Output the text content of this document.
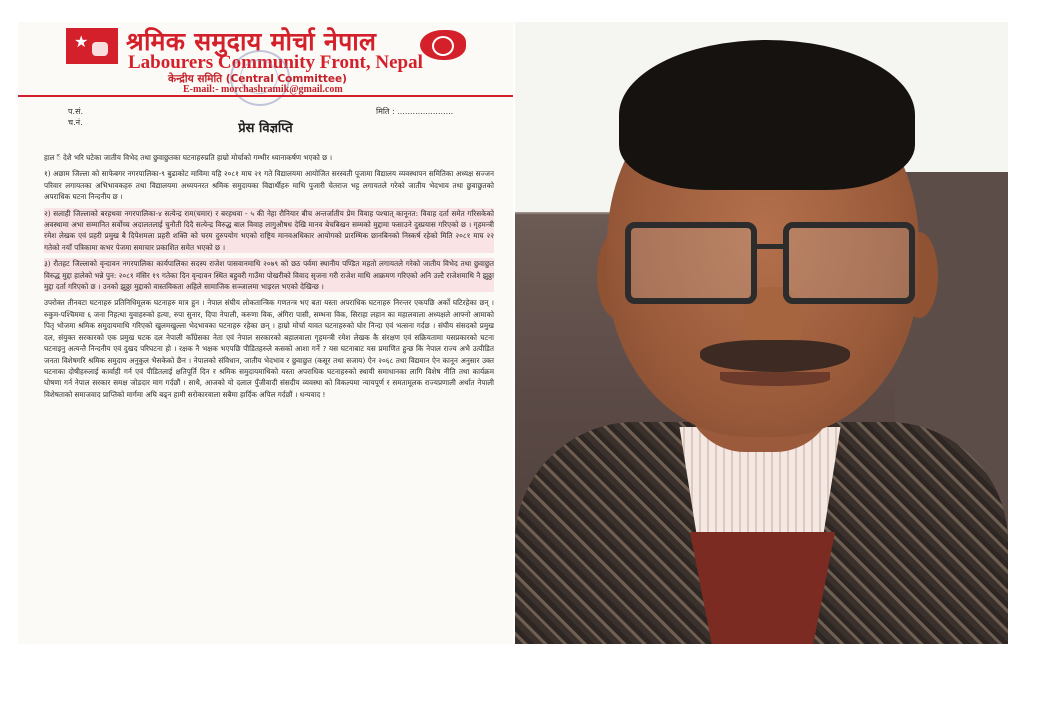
★ श्रमिक समुदाय मोर्चा नेपाल
Labourers Community Front, Nepal
केन्द्रीय समिति (Central Committee)
E-mail:- morchashramik@gmail.com
प.सं.
च.नं.
मिति : ......................
प्रेस विज्ञप्ति

हाल ैं देशै भरि घटेका जातीय विभेद तथा छुवाछुतका घटनाहरुप्रति हाम्रो मोर्चाको गम्भीर ध्यानाकर्षण भएको छ ।

१) अछाम जिल्ला को साफेबगर नगरपालिका-९ बुढाकोट माविमा यहि २०८१ माघ २१ गते विद्यालयमा आयोजित सरस्वती पूजामा विद्यालय व्यवस्थापन समितिका अध्यक्ष सज्जन परिवार लगायतका अभिभावकहरु तथा विद्यालयमा अध्ययनरत श्रमिक समुदायका विद्यार्थीहरु माथि पुजारी चेतराज भट्ट लगायतले गरेको जातीय भेदभाव तथा छुवाछुतको अपराधिक घटना निन्दनीय छ ।

२) सलाही जिल्लाको बरहथवा नगरपालिका-४ सत्येन्द्र राम(चमार) र बरहथवा - ५ की नेहा रौनियार बीच अन्तर्जातीय प्रेम विवाह पश्चात् कानूनत: विवाह दर्ता समेत गरिसकेको अवस्थामा अभा सम्मानित सर्वोच्च अदालतलाई चुनौती दिदै सत्येन्द्र विरुद्ध बाल विवाह लागुऔषध देखि मानव बेचबिखन सम्मको मुद्दामा फसाउने दुस्प्रयास गरिएको छ । गृहमन्त्री रमेश लेखक एवं प्रहरी प्रमुख बै दिपेशमला प्रहरी शक्ति को चरम दुरुपयोग भएको राष्ट्रिय मानवअधिकार आयोगको प्रारम्भिक छानबिनको निस्कर्ष रहेको मिति २०८१ माघ २२ गतेको नयाँ पत्रिकामा कभर पेजमा समाचार प्रकाशित समेत भएको छ ।

३) रौतहट जिल्लाको वृन्दावन नगरपालिका कार्यपालिका सदस्य राजेश पासवानमाथि २०७९ को छठ पर्वमा स्थानीय पण्डित महतो लगायतले गरेको जातीय विभेद तथा छुवाछुत विरुद्ध मुद्दा हालेको भन्ने पुन: २०८१ मंसिर १९ गतेका दिन वृन्दावन स्थित बहुवरी गाउँमा पोखरीको विवाद सृजना गरी राजेश माथि आक्रमण गरिएको अनि उल्टै राजेशमाथि नै झुठ्ठा मुद्दा दर्ता गरिएको छ । उनको झुठ्ठा मुद्दाको वास्तविकता अहिले सामाजिक सञ्जालमा भाइरल भएको देखिन्छ ।

उपरोक्त तीनवटा घटनाहरु प्रतिनिधिमूलक घटनाहरु मात्र हुन । नेपाल संघीय लोकतान्त्रिक गणतन्त्र भए बता यस्ता अपराधिक घटनाहरु निरन्तर एकपछि अर्को घटिरहेका छन् ।रुकुम-पश्चिममा ६ जना निहत्था युवाहरुको हत्या, रुपा सुनार, दिपा नेपाली, करुणा विक, अंगिरा पासी, सम्भना विक, सिराहा लहान का महालवाला अध्यक्षले आफ्नो आमाको पितृ भोजमा श्रमिक समुदायमाथि गरिएको खुलमखुल्ला भेदभावका घटनाहरु रहेका छन् । हाम्रो मोर्चा यावत घटनाहरुको घोर निन्दा एवं भत्सना गर्दछ । संघीय संसदको प्रमुख दल, संयुक्त सरकारको एक प्रमुख घटक दल नेपाली काँग्रेसका नेता एवं नेपाल सरकारको बहालवाला गृहमन्त्री रमेश लेखक कै संरक्षण एवं सक्रियतामा यसप्रकारको घटना घटनाइनु अत्यन्तै निन्दनीय एवं दुखद परिघटना हो । रक्षक नै भक्षक भएपछि पीडितहरुले कसको आशा गर्ने ? यस घटनाबाट यस प्रमाणित हुन्छ कि नेपाल राज्य अभै उत्पीडित जनता विशेषगरि श्रमिक समुदाय अनुकुल भैसकेको छैन । नेपालको संविधान, जातीय भेदभाव र छुवाछुत (कसूर तथा सजाय) ऐन २०६८ तथा विद्यमान ऐन कानून अनुसार उक्त घटनाका दोषीहरुलाई कार्वाही गर्न एवं पीडितलाई क्षतिपूर्ति दिन र श्रमिक समुदायमाथिको यस्ता अपराधिक घटनाहरुको स्थायी समाधानका लागि विशेष नीति तथा कार्यक्रम घोषणा गर्न नेपाल सरकार समक्ष जोडदार माग गर्दछौं । साथै, आजको यो दलाल पुँजीवादी संसदीय व्यवस्था को विकल्पमा न्यायपूर्ण र समतामूलक राज्यप्रणाली अर्थात नेपाली विशेषताको समाजवाद प्राप्तिको मार्गमा अघि बढ्न हामी सरोकारवाला सबैमा हार्दिक अपिल गर्दछौं । धन्यवाद !
